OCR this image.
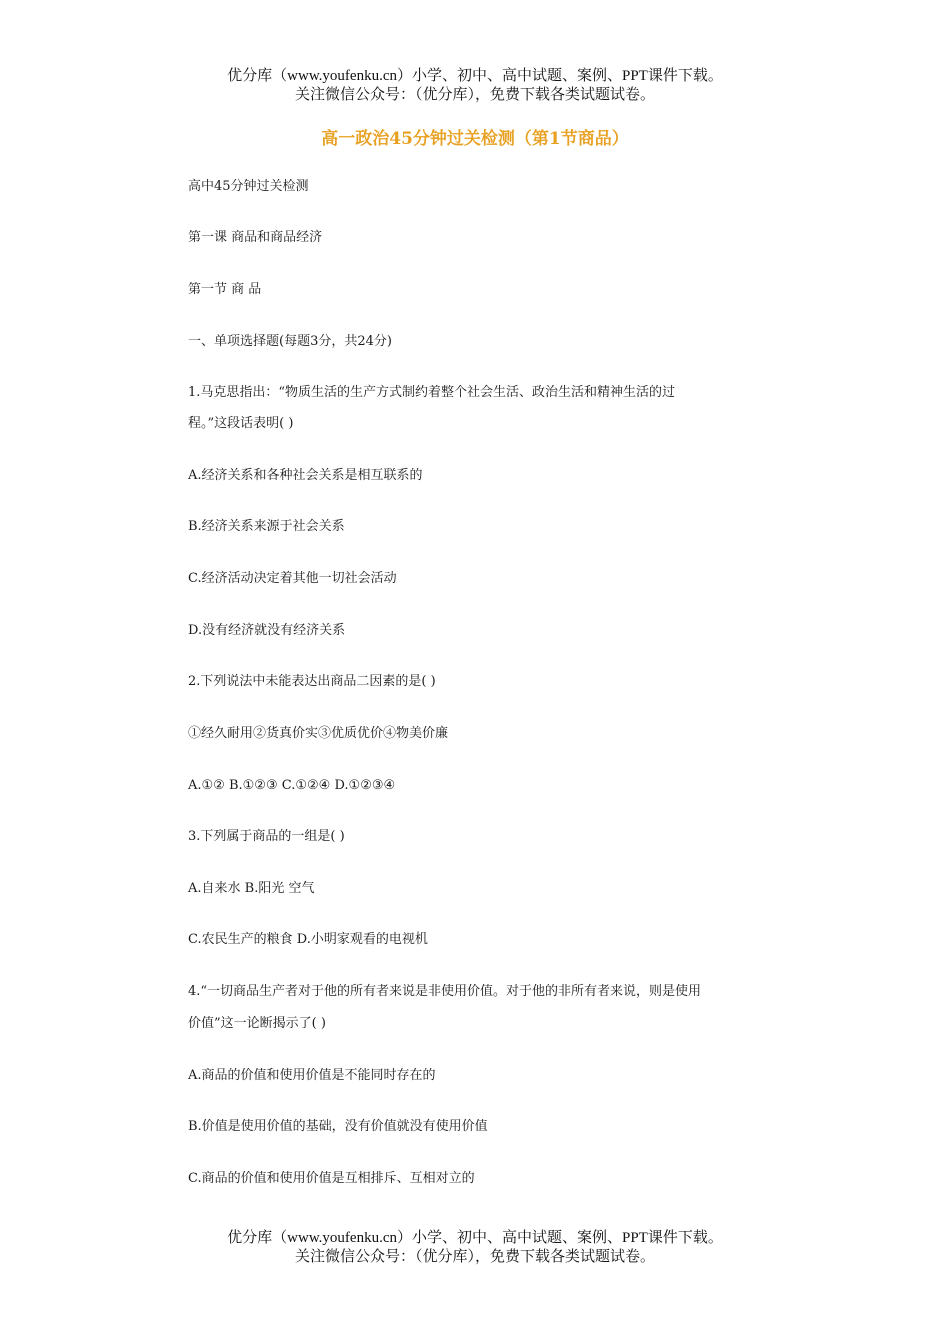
优分库（www.youfenku.cn）小学、初中、高中试题、案例、PPT课件下载。
关注微信公众号：（优分库），免费下载各类试题试卷。
高一政治45分钟过关检测（第1节商品）
高中45分钟过关检测
第一课 商品和商品经济
第一节 商 品
一、单项选择题(每题3分，共24分)
1.马克思指出：“物质生活的生产方式制约着整个社会生活、政治生活和精神生活的过
程。”这段话表明( )
A.经济关系和各种社会关系是相互联系的
B.经济关系来源于社会关系
C.经济活动决定着其他一切社会活动
D.没有经济就没有经济关系
2.下列说法中未能表达出商品二因素的是( )
①经久耐用②货真价实③优质优价④物美价廉
A.①② B.①②③ C.①②④ D.①②③④
3.下列属于商品的一组是( )
A.自来水 B.阳光 空气
C.农民生产的粮食 D.小明家观看的电视机
4.“一切商品生产者对于他的所有者来说是非使用价值。对于他的非所有者来说，则是使用
价值”这一论断揭示了( )
A.商品的价值和使用价值是不能同时存在的
B.价值是使用价值的基础，没有价值就没有使用价值
C.商品的价值和使用价值是互相排斥、互相对立的
优分库（www.youfenku.cn）小学、初中、高中试题、案例、PPT课件下载。
关注微信公众号：（优分库），免费下载各类试题试卷。
